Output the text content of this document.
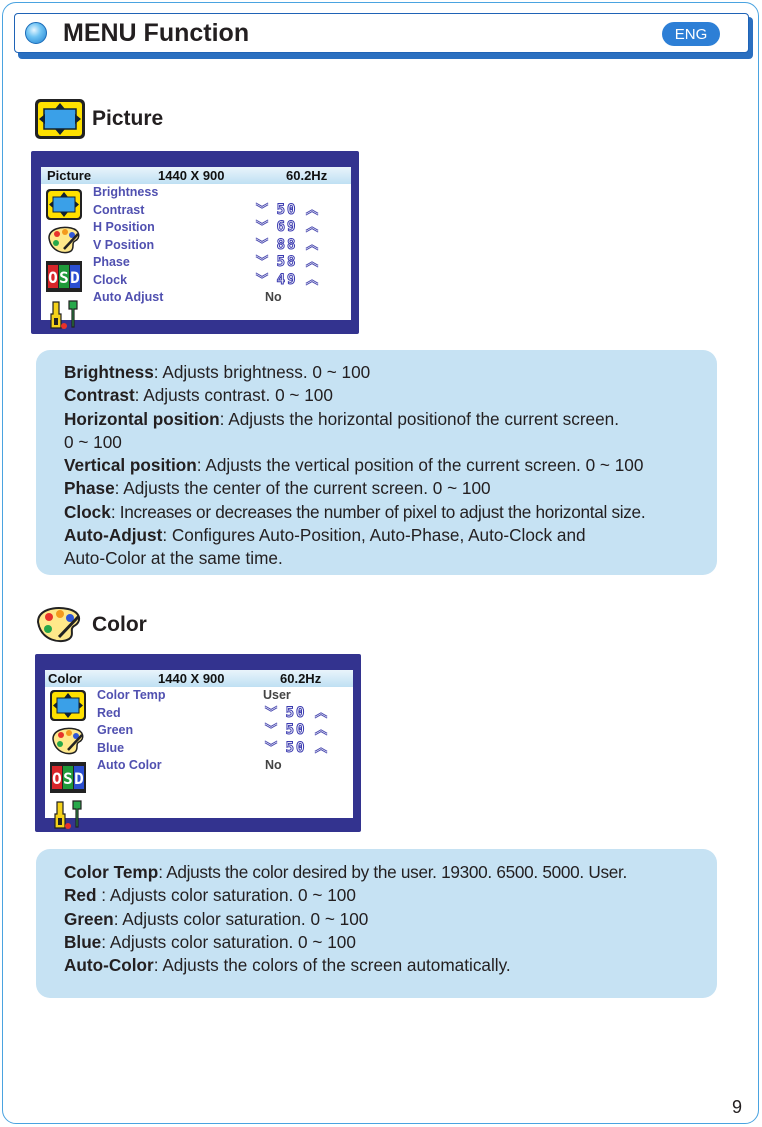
MENU Function	ENG
Picture
Picture	1440 X 900	60.2Hz
O S D
Brightness
Contrast	︾ 50 ︽
H Position	︾ 69 ︽
V Position	︾ 88 ︽
Phase	︾ 58 ︽
Clock	︾ 49 ︽
Auto Adjust	No

Brightness: Adjusts brightness. 0 ~ 100

Contrast: Adjusts contrast. 0 ~ 100

Horizontal position: Adjusts the horizontal positionof the current screen.

0 ~ 100

Vertical position: Adjusts the vertical position of the current screen. 0 ~ 100

Phase: Adjusts the center of the current screen. 0 ~ 100

Clock: Increases or decreases the number of pixel to adjust the horizontal size.

Auto-Adjust: Configures Auto-Position, Auto-Phase, Auto-Clock and

Auto-Color at the same time.

Color
Color	1440 X 900	60.2Hz
O S D
Color Temp	User
Red	︾ 50 ︽
Green	︾ 50 ︽
Blue	︾ 50 ︽
Auto Color	No

Color Temp: Adjusts the color desired by the user. 19300. 6500. 5000. User.

Red : Adjusts color saturation. 0 ~ 100

Green: Adjusts color saturation. 0 ~ 100

Blue: Adjusts color saturation. 0 ~ 100

Auto-Color: Adjusts the colors of the screen automatically.

9
